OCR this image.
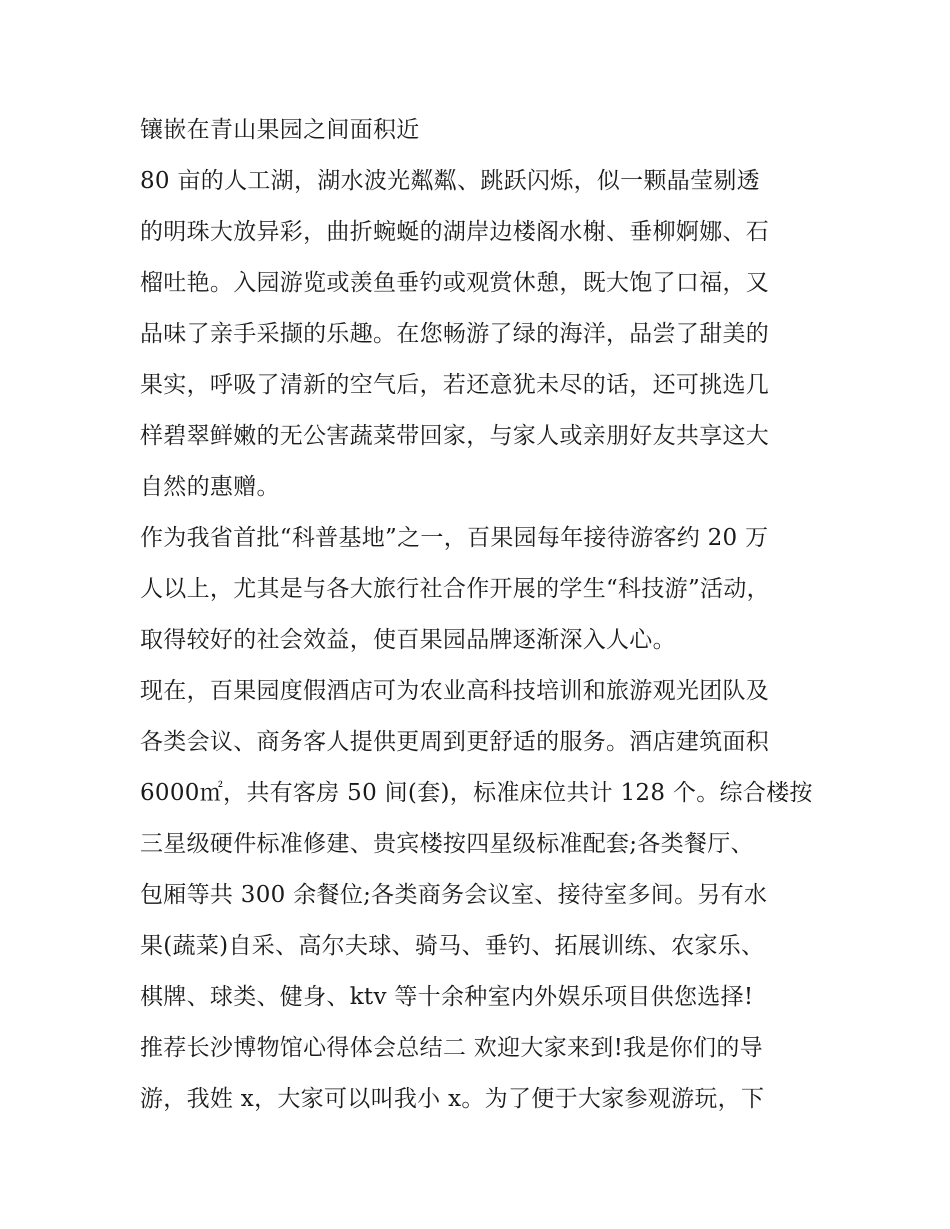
镶嵌在青山果园之间面积近
80 亩的人工湖，湖水波光粼粼、跳跃闪烁，似一颗晶莹剔透
的明珠大放异彩，曲折蜿蜒的湖岸边楼阁水榭、垂柳婀娜、石
榴吐艳。入园游览或羡鱼垂钓或观赏休憩，既大饱了口福，又
品味了亲手采撷的乐趣。在您畅游了绿的海洋，品尝了甜美的
果实，呼吸了清新的空气后，若还意犹未尽的话，还可挑选几
样碧翠鲜嫩的无公害蔬菜带回家，与家人或亲朋好友共享这大
自然的惠赠。
作为我省首批“科普基地”之一，百果园每年接待游客约 20 万
人以上，尤其是与各大旅行社合作开展的学生“科技游”活动，
取得较好的社会效益，使百果园品牌逐渐深入人心。
现在，百果园度假酒店可为农业高科技培训和旅游观光团队及
各类会议、商务客人提供更周到更舒适的服务。酒店建筑面积
6000㎡，共有客房 50 间(套)，标准床位共计 128 个。综合楼按
三星级硬件标准修建、贵宾楼按四星级标准配套;各类餐厅、
包厢等共 300 余餐位;各类商务会议室、接待室多间。另有水
果(蔬菜)自采、高尔夫球、骑马、垂钓、拓展训练、农家乐、
棋牌、球类、健身、ktv 等十余种室内外娱乐项目供您选择!
推荐长沙博物馆心得体会总结二 欢迎大家来到!我是你们的导
游，我姓 x，大家可以叫我小 x。为了便于大家参观游玩，下
